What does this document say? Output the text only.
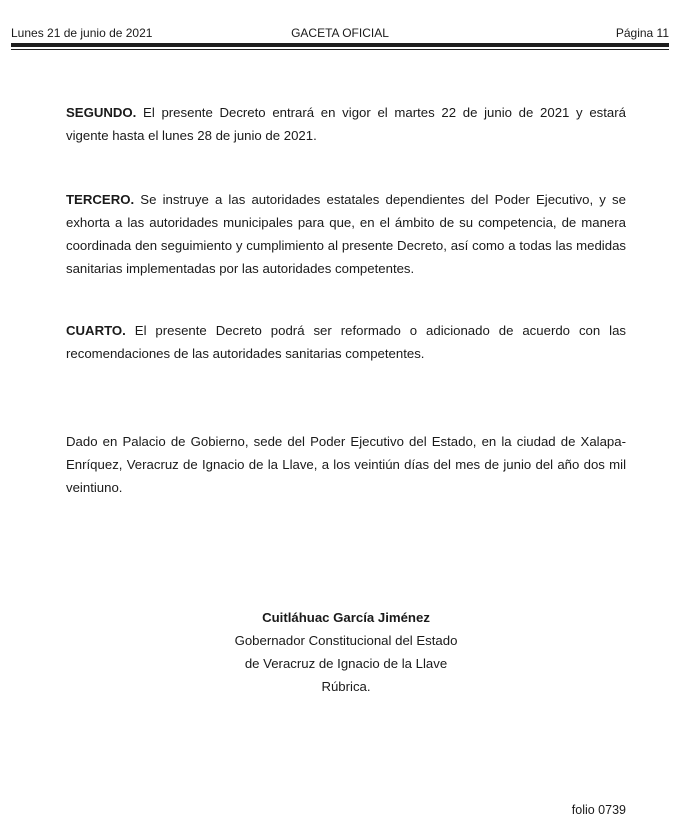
Lunes 21 de junio de 2021	GACETA OFICIAL	Página 11
SEGUNDO. El presente Decreto entrará en vigor el martes 22 de junio de 2021 y estará vigente hasta el lunes 28 de junio de 2021.
TERCERO. Se instruye a las autoridades estatales dependientes del Poder Ejecutivo, y se exhorta a las autoridades municipales para que, en el ámbito de su competencia, de manera coordinada den seguimiento y cumplimiento al presente Decreto, así como a todas las medidas sanitarias implementadas por las autoridades competentes.
CUARTO. El presente Decreto podrá ser reformado o adicionado de acuerdo con las recomendaciones de las autoridades sanitarias competentes.
Dado en Palacio de Gobierno, sede del Poder Ejecutivo del Estado, en la ciudad de Xalapa-Enríquez, Veracruz de Ignacio de la Llave, a los veintiún días del mes de junio del año dos mil veintiuno.
Cuitláhuac García Jiménez
Gobernador Constitucional del Estado
de Veracruz de Ignacio de la Llave
Rúbrica.
folio 0739
